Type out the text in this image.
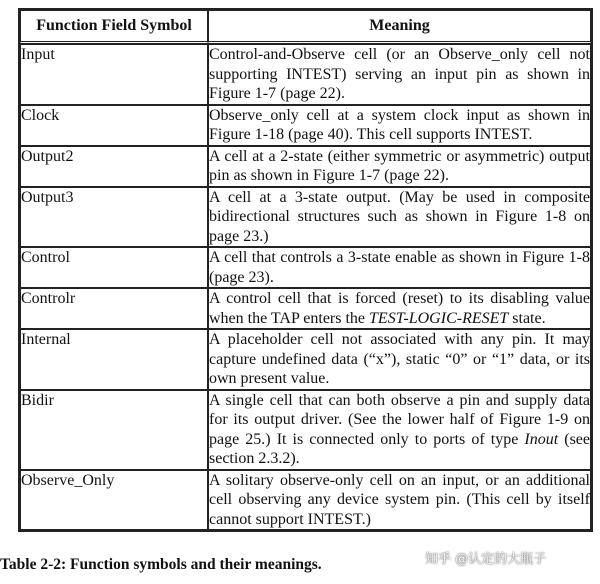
Function Field Symbol	Meaning
Input	Control-and-Observe cell (or an Observe_only cell not supporting INTEST) serving an input pin as shown in Figure 1-7 (page 22).
Clock	Observe_only cell at a system clock input as shown in Figure 1-18 (page 40). This cell supports INTEST.
Output2	A cell at a 2-state (either symmetric or asymmetric) output pin as shown in Figure 1-7 (page 22).
Output3	A cell at a 3-state output. (May be used in composite bidirectional structures such as shown in Figure 1-8 on page 23.)
Control	A cell that controls a 3-state enable as shown in Figure 1-8 (page 23).
Controlr	A control cell that is forced (reset) to its disabling value when the TAP enters the TEST-LOGIC-RESET state.
Internal	A placeholder cell not associated with any pin. It may capture undefined data (“x”), static “0” or “1” data, or its own present value.
Bidir	A single cell that can both observe a pin and supply data for its output driver. (See the lower half of Figure 1-9 on page 25.) It is connected only to ports of type Inout (see section 2.3.2).
Observe_Only	A solitary observe-only cell on an input, or an additional cell observing any device system pin. (This cell by itself cannot support INTEST.)
Table 2-2: Function symbols and their meanings.	知乎 @认定的大瓶子
